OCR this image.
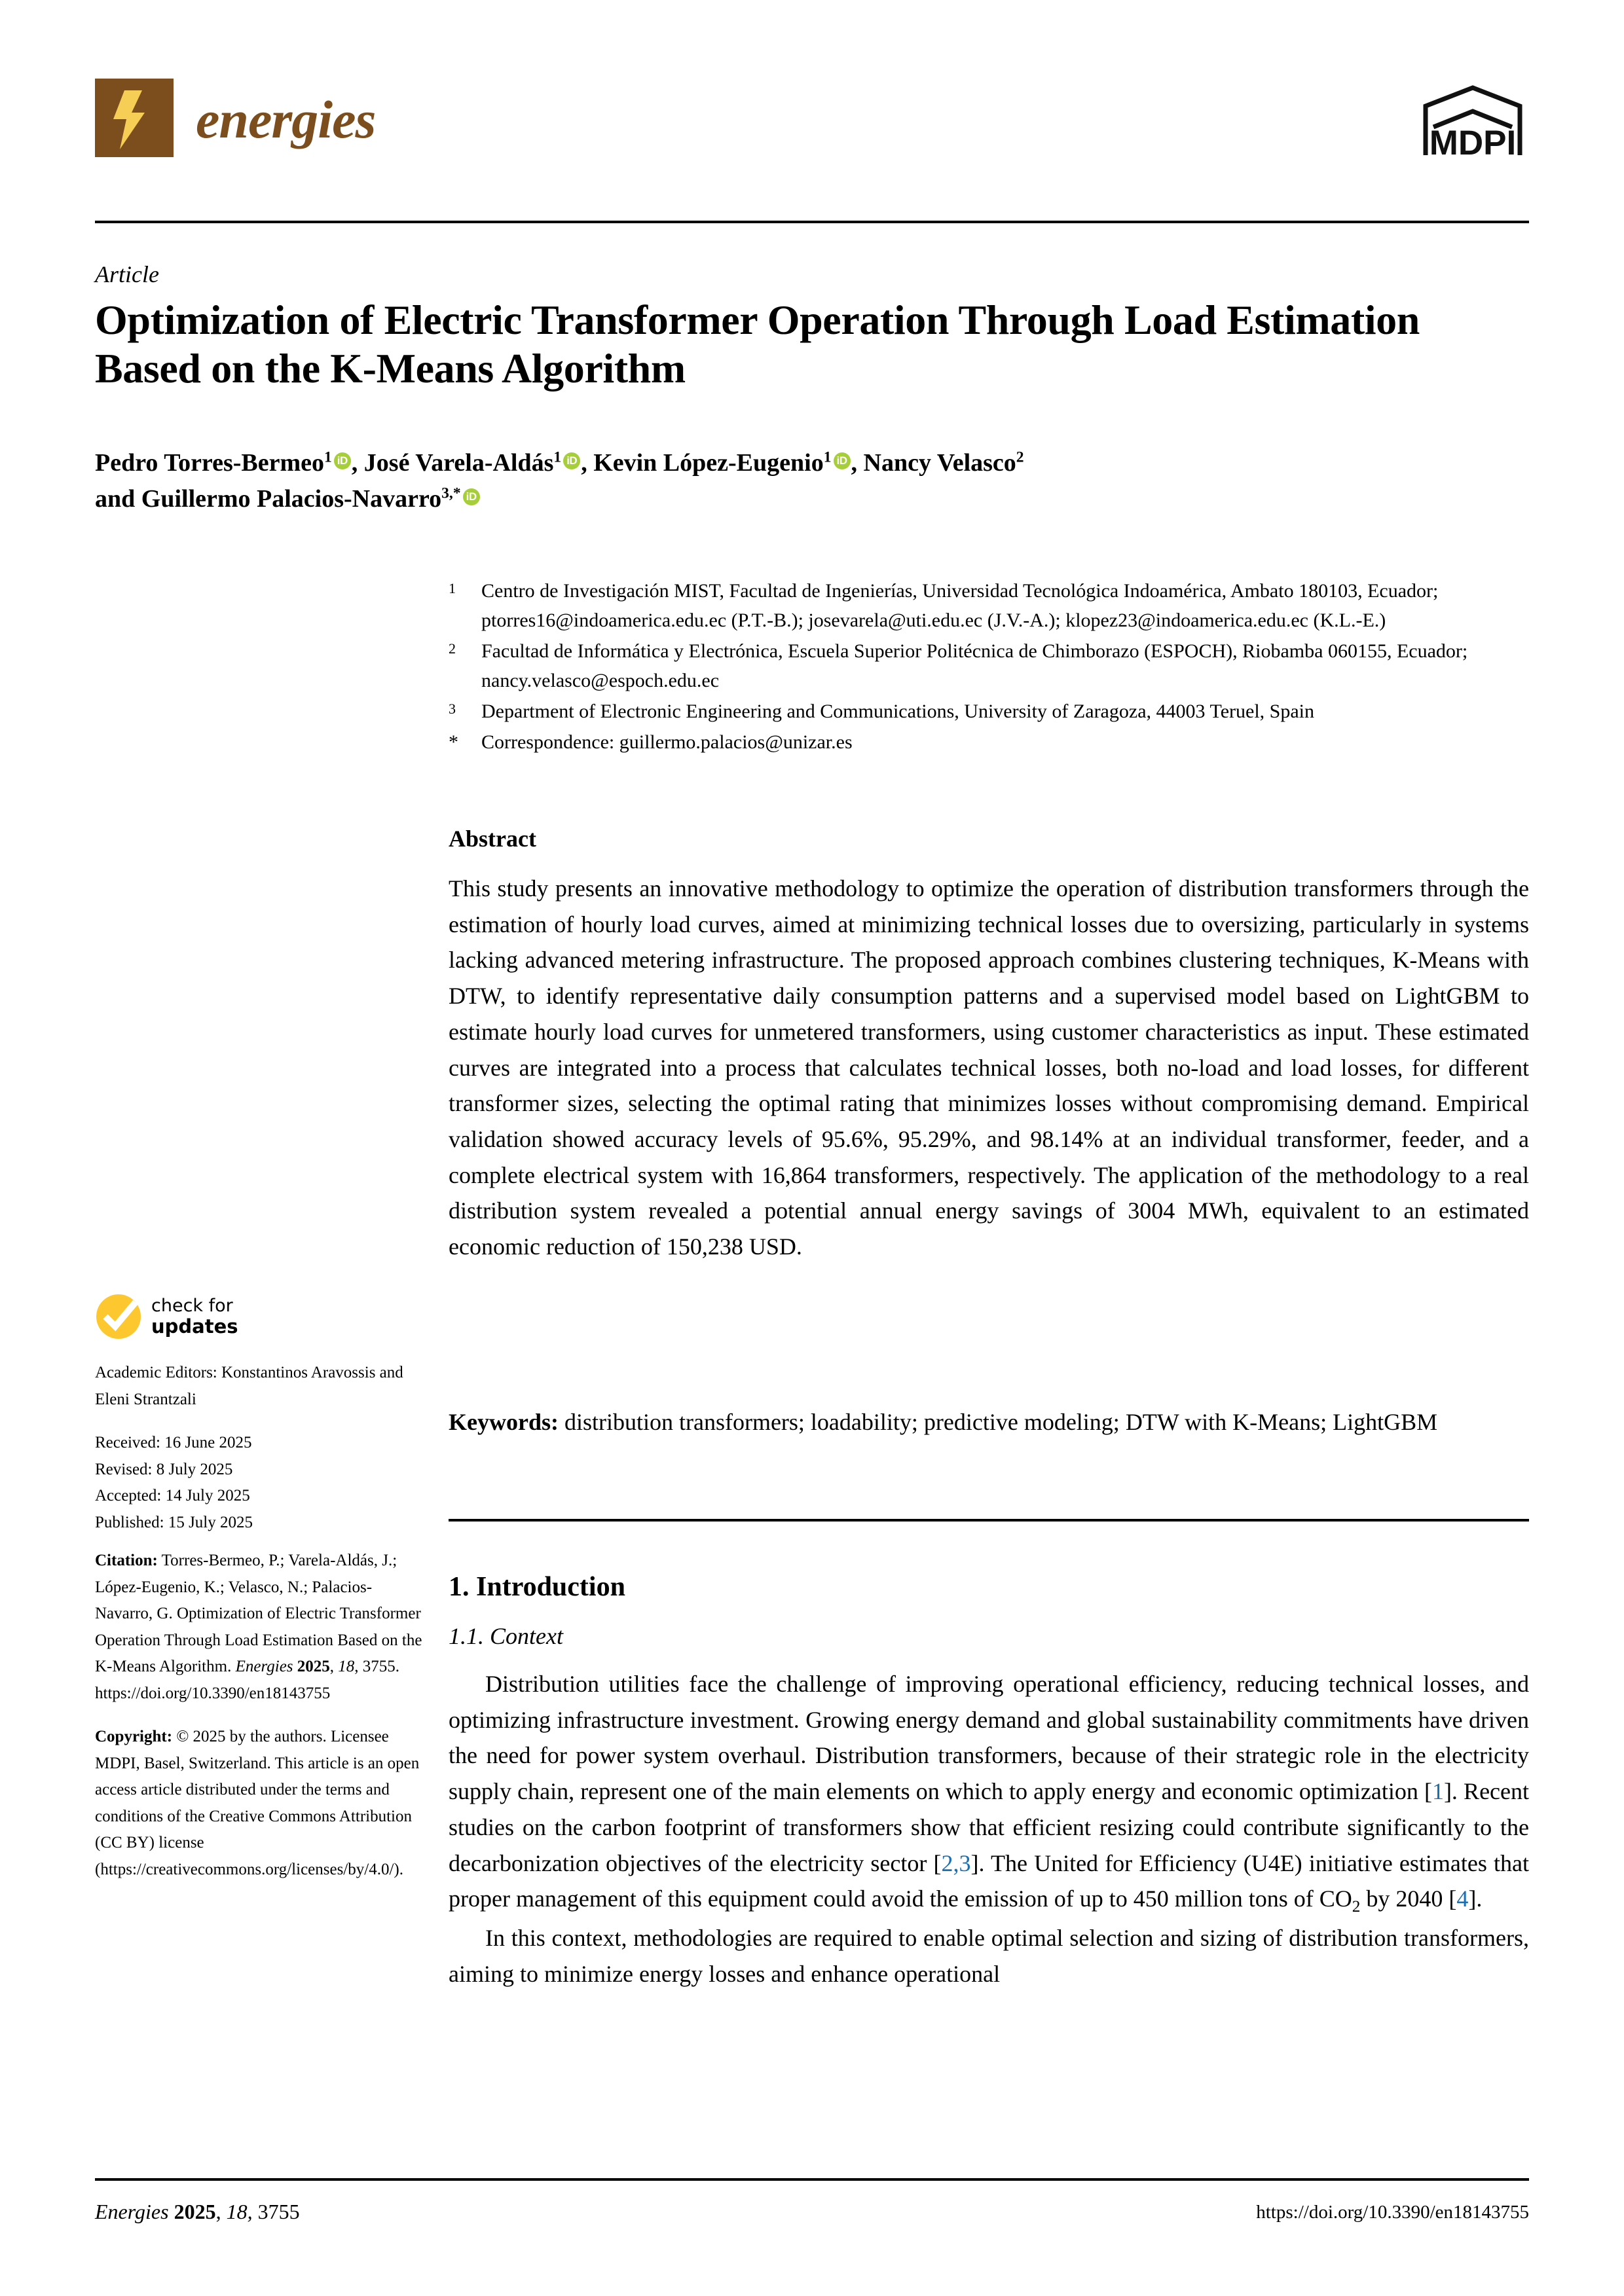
energies	MDPI
Article
Optimization of Electric Transformer Operation Through Load Estimation Based on the K-Means Algorithm
Pedro Torres-Bermeo$^1$ iD , José Varela-Aldás$^1$ iD , Kevin López-Eugenio$^1$ iD , Nancy Velasco$^2$
and Guillermo Palacios-Navarro$^{3,*}$ iD
1	Centro de Investigación MIST, Facultad de Ingenierías, Universidad Tecnológica Indoamérica, Ambato 180103, Ecuador; ptorres16@indoamerica.edu.ec (P.T.-B.); josevarela@uti.edu.ec (J.V.-A.); klopez23@indoamerica.edu.ec (K.L.-E.)
2	Facultad de Informática y Electrónica, Escuela Superior Politécnica de Chimborazo (ESPOCH), Riobamba 060155, Ecuador; nancy.velasco@espoch.edu.ec
3	Department of Electronic Engineering and Communications, University of Zaragoza, 44003 Teruel, Spain
*	Correspondence: guillermo.palacios@unizar.es
Abstract
This study presents an innovative methodology to optimize the operation of distribution transformers through the estimation of hourly load curves, aimed at minimizing technical losses due to oversizing, particularly in systems lacking advanced metering infrastructure. The proposed approach combines clustering techniques, K-Means with DTW, to identify representative daily consumption patterns and a supervised model based on LightGBM to estimate hourly load curves for unmetered transformers, using customer characteristics as input. These estimated curves are integrated into a process that calculates technical losses, both no-load and load losses, for different transformer sizes, selecting the optimal rating that minimizes losses without compromising demand. Empirical validation showed accuracy levels of 95.6%, 95.29%, and 98.14% at an individual transformer, feeder, and a complete electrical system with 16,864 transformers, respectively. The application of the methodology to a real distribution system revealed a potential annual energy savings of 3004 MWh, equivalent to an estimated economic reduction of 150,238 USD.
Keywords: distribution transformers; loadability; predictive modeling; DTW with K-Means; LightGBM
check for
updates
Academic Editors: Konstantinos Aravossis and Eleni Strantzali
Received: 16 June 2025
Revised: 8 July 2025
Accepted: 14 July 2025
Published: 15 July 2025
Citation: Torres-Bermeo, P.; Varela-Aldás, J.; López-Eugenio, K.; Velasco, N.; Palacios-Navarro, G. Optimization of Electric Transformer Operation Through Load Estimation Based on the K-Means Algorithm. Energies 2025, 18, 3755. https://doi.org/10.3390/en18143755
Copyright: © 2025 by the authors. Licensee MDPI, Basel, Switzerland. This article is an open access article distributed under the terms and conditions of the Creative Commons Attribution (CC BY) license (https://creativecommons.org/licenses/by/4.0/).
1. Introduction
1.1. Context

Distribution utilities face the challenge of improving operational efficiency, reducing technical losses, and optimizing infrastructure investment. Growing energy demand and global sustainability commitments have driven the need for power system overhaul. Distribution transformers, because of their strategic role in the electricity supply chain, represent one of the main elements on which to apply energy and economic optimization [1]. Recent studies on the carbon footprint of transformers show that efficient resizing could contribute significantly to the decarbonization objectives of the electricity sector [2,3]. The United for Efficiency (U4E) initiative estimates that proper management of this equipment could avoid the emission of up to 450 million tons of $CO_2$ by 2040 [4].

In this context, methodologies are required to enable optimal selection and sizing of distribution transformers, aiming to minimize energy losses and enhance operational

Energies 2025, 18, 3755	https://doi.org/10.3390/en18143755
